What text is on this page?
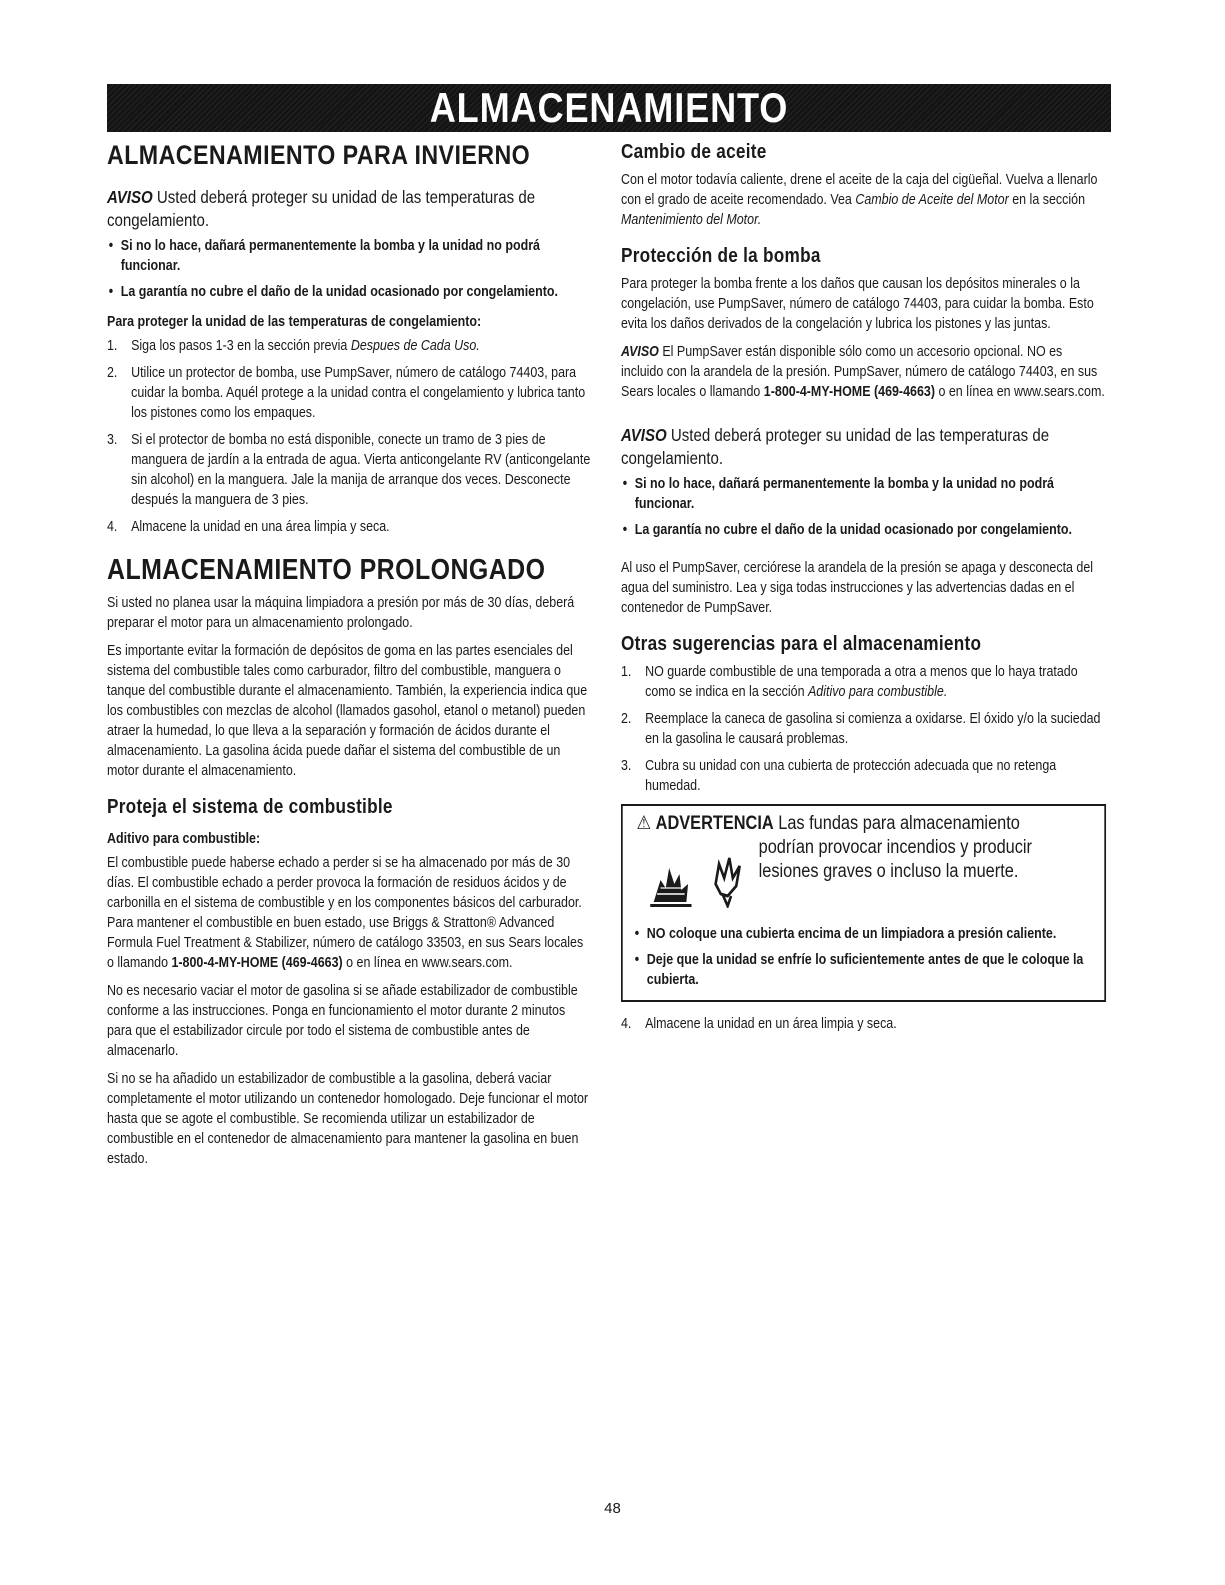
ALMACENAMIENTO
ALMACENAMIENTO PARA INVIERNO
AVISO Usted deberá proteger su unidad de las temperaturas de congelamiento.
• Si no lo hace, dañará permanentemente la bomba y la unidad no podrá funcionar.
• La garantía no cubre el daño de la unidad ocasionado por congelamiento.
Para proteger la unidad de las temperaturas de congelamiento:
1. Siga los pasos 1-3 en la sección previa Despues de Cada Uso.
2. Utilice un protector de bomba, use PumpSaver, número de catálogo 74403, para cuidar la bomba. Aquél protege a la unidad contra el congelamiento y lubrica tanto los pistones como los empaques.
3. Si el protector de bomba no está disponible, conecte un tramo de 3 pies de manguera de jardín a la entrada de agua. Vierta anticongelante RV (anticongelante sin alcohol) en la manguera. Jale la manija de arranque dos veces. Desconecte después la manguera de 3 pies.
4. Almacene la unidad en una área limpia y seca.
ALMACENAMIENTO PROLONGADO
Si usted no planea usar la máquina limpiadora a presión por más de 30 días, deberá preparar el motor para un almacenamiento prolongado.
Es importante evitar la formación de depósitos de goma en las partes esenciales del sistema del combustible tales como carburador, filtro del combustible, manguera o tanque del combustible durante el almacenamiento. También, la experiencia indica que los combustibles con mezclas de alcohol (llamados gasohol, etanol o metanol) pueden atraer la humedad, lo que lleva a la separación y formación de ácidos durante el almacenamiento. La gasolina ácida puede dañar el sistema del combustible de un motor durante el almacenamiento.
Proteja el sistema de combustible
Aditivo para combustible:
El combustible puede haberse echado a perder si se ha almacenado por más de 30 días. El combustible echado a perder provoca la formación de residuos ácidos y de carbonilla en el sistema de combustible y en los componentes básicos del carburador. Para mantener el combustible en buen estado, use Briggs & Stratton® Advanced Formula Fuel Treatment & Stabilizer, número de catálogo 33503, en sus Sears locales o llamando 1-800-4-MY-HOME (469-4663) o en línea en www.sears.com.
No es necesario vaciar el motor de gasolina si se añade estabilizador de combustible conforme a las instrucciones. Ponga en funcionamiento el motor durante 2 minutos para que el estabilizador circule por todo el sistema de combustible antes de almacenarlo.
Si no se ha añadido un estabilizador de combustible a la gasolina, deberá vaciar completamente el motor utilizando un contenedor homologado. Deje funcionar el motor hasta que se agote el combustible. Se recomienda utilizar un estabilizador de combustible en el contenedor de almacenamiento para mantener la gasolina en buen estado.
Cambio de aceite
Con el motor todavía caliente, drene el aceite de la caja del cigüeñal. Vuelva a llenarlo con el grado de aceite recomendado. Vea Cambio de Aceite del Motor en la sección Mantenimiento del Motor.
Protección de la bomba
Para proteger la bomba frente a los daños que causan los depósitos minerales o la congelación, use PumpSaver, número de catálogo 74403, para cuidar la bomba. Esto evita los daños derivados de la congelación y lubrica los pistones y las juntas.
AVISO El PumpSaver están disponible sólo como un accesorio opcional. NO es incluido con la arandela de la presión. PumpSaver, número de catálogo 74403, en sus Sears locales o llamando 1-800-4-MY-HOME (469-4663) o en línea en www.sears.com.
AVISO Usted deberá proteger su unidad de las temperaturas de congelamiento.
• Si no lo hace, dañará permanentemente la bomba y la unidad no podrá funcionar.
• La garantía no cubre el daño de la unidad ocasionado por congelamiento.
Al uso el PumpSaver, cerciórese la arandela de la presión se apaga y desconecta del agua del suministro. Lea y siga todas instrucciones y las advertencias dadas en el contenedor de PumpSaver.
Otras sugerencias para el almacenamiento
1. NO guarde combustible de una temporada a otra a menos que lo haya tratado como se indica en la sección Aditivo para combustible.
2. Reemplace la caneca de gasolina si comienza a oxidarse. El óxido y/o la suciedad en la gasolina le causará problemas.
3. Cubra su unidad con una cubierta de protección adecuada que no retenga humedad.
⚠ ADVERTENCIA Las fundas para almacenamiento
podrían provocar incendios y producir lesiones graves o incluso la muerte.
• NO coloque una cubierta encima de un limpiadora a presión caliente.
• Deje que la unidad se enfríe lo suficientemente antes de que le coloque la cubierta.
4. Almacene la unidad en un área limpia y seca.
48
